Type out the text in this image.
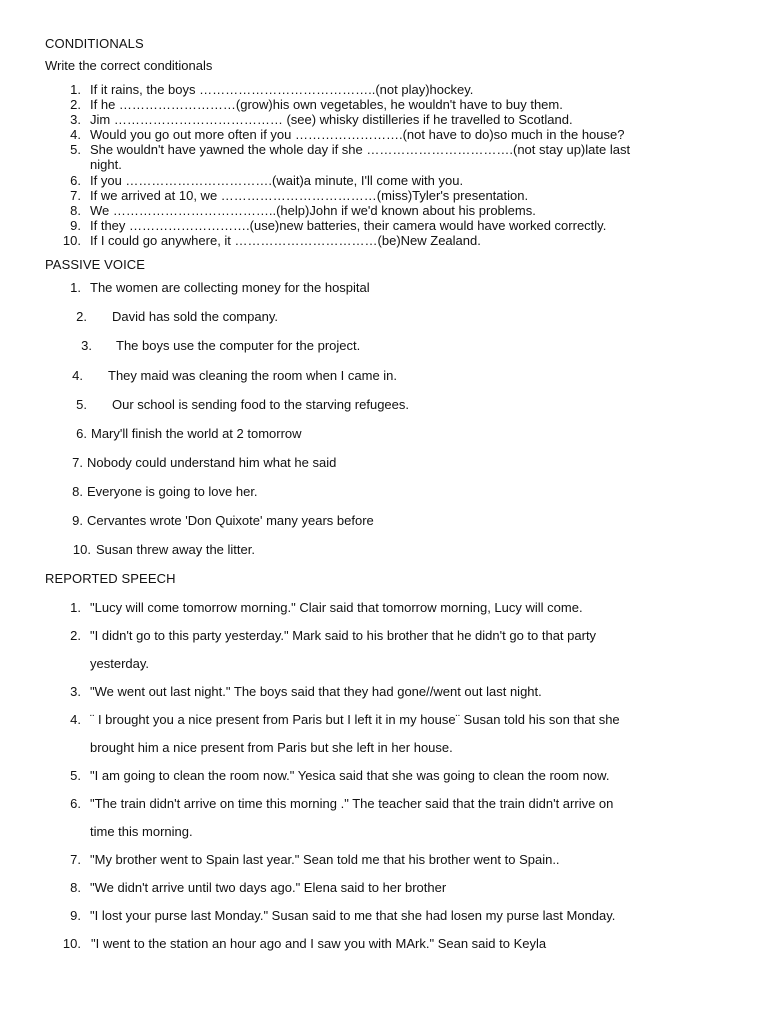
CONDITIONALS
Write the correct conditionals
1. If it rains, the boys …………………………………..(not play)hockey.
2. If he ………………………(grow)his own vegetables, he wouldn't have to buy them.
3. Jim ………………………………… (see) whisky distilleries if he travelled to Scotland.
4. Would you go out more often if you …………………….(not have to do)so much in the house?
5. She wouldn't have yawned the whole day if she …………………………….(not stay up)late last
night.
6. If you …………………………….(wait)a minute, I'll come with you.
7. If we arrived at 10, we ………………………………(miss)Tyler's presentation.
8. We ………………………………..(help)John if we'd known about his problems.
9. If they ……………………….(use)new batteries, their camera would have worked correctly.
10. If I could go anywhere, it ……………………………(be)New Zealand.
PASSIVE VOICE
1. The women are collecting money for the hospital
2. David has sold the company.
3. The boys use the computer for the project.
4. They maid was cleaning the room when I came in.
5. Our school is sending food to the starving refugees.
6. Mary'll finish the world at 2 tomorrow
7. Nobody could understand him what he said
8. Everyone is going to love her.
9. Cervantes wrote 'Don Quixote' many years before
10. Susan threw away the litter.
REPORTED SPEECH
1. "Lucy will come tomorrow morning." Clair said that tomorrow morning, Lucy will come.
2. "I didn't go to this party yesterday." Mark said to his brother that he didn't go to that party
yesterday.
3. "We went out last night." The boys said that they had gone//went out last night.
4. ¨ I brought you a nice present from Paris but I left it in my house¨ Susan told his son that she
brought him a nice present from Paris but she left in her house.
5. "I am going to clean the room now." Yesica said that she was going to clean the room now.
6. "The train didn't arrive on time this morning ." The teacher said that the train didn't arrive on
time this morning.
7. "My brother went to Spain last year." Sean told me that his brother went to Spain..
8. "We didn't arrive until two days ago." Elena said to her brother
9. "I lost your purse last Monday." Susan said to me that she had losen my purse last Monday.
10. "I went to the station an hour ago and I saw you with MArk." Sean said to Keyla
